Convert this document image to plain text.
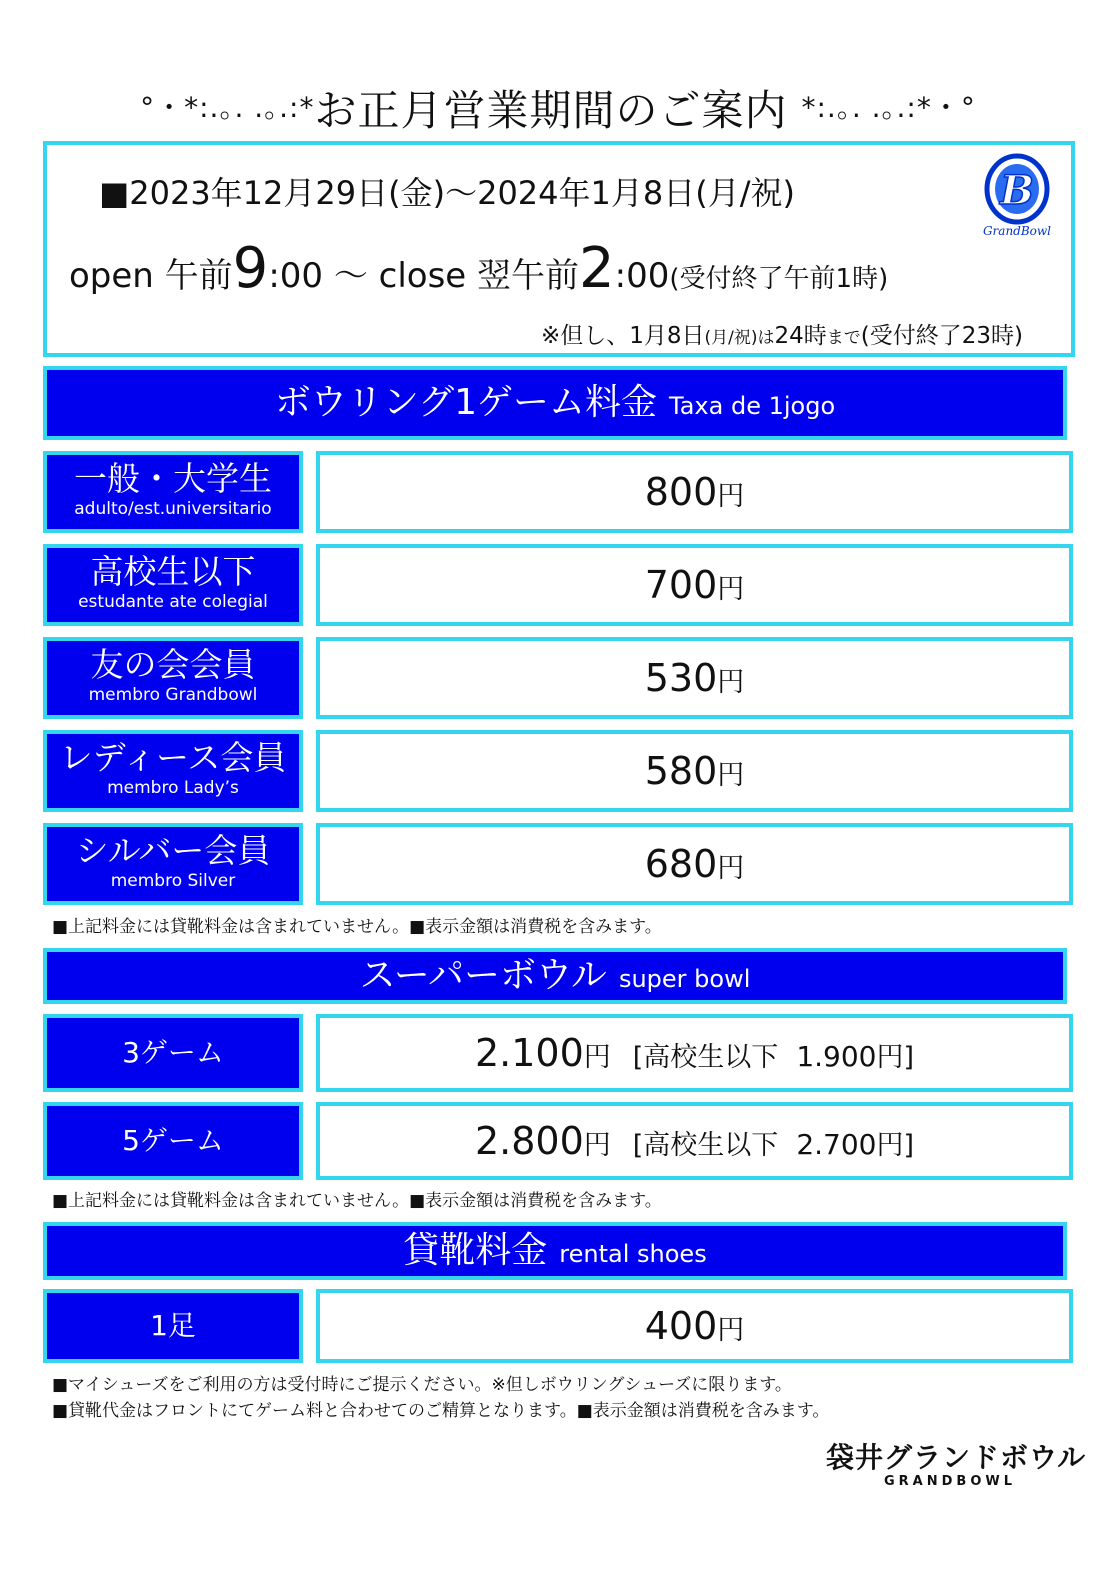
°・*:.｡. .｡.:*お正月営業期間のご案内 *:.｡. .｡.:*・°
■2023年12月29日(金)～2024年1月8日(月/祝)
open 午前9:00 ～ close 翌午前2:00(受付終了午前1時)
※但し、1月8日(月/祝)は24時まで(受付終了23時)
B
GrandBowl
ボウリング1ゲーム料金 Taxa de 1jogo
一般・大学生
adulto/est.universitario	800円
高校生以下
estudante ate colegial	700円
友の会会員
membro Grandbowl	530円
レディース会員
membro Lady’s	580円
シルバー会員
membro Silver	680円
■上記料金には貸靴料金は含まれていません。■表示金額は消費税を含みます。
スーパーボウル super bowl
3ゲーム	2.100円 [高校生以下 1.900円]
5ゲーム	2.800円 [高校生以下 2.700円]
■上記料金には貸靴料金は含まれていません。■表示金額は消費税を含みます。
貸靴料金 rental shoes
1足	400円
■マイシューズをご利用の方は受付時にご提示ください。※但しボウリングシューズに限ります。
■貸靴代金はフロントにてゲーム料と合わせてのご精算となります。■表示金額は消費税を含みます。
袋井グランドボウル
GRANDBOWL
